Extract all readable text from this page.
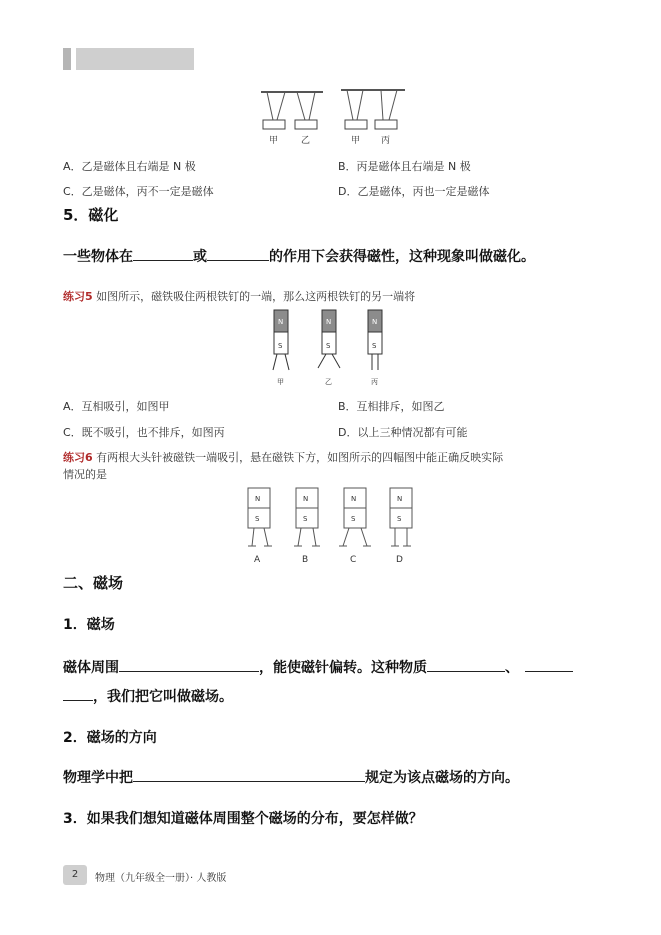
甲	乙	甲 丙
A．乙是磁体且右端是 N 极	B．丙是磁体且右端是 N 极
C．乙是磁体，丙不一定是磁体	D．乙是磁体，丙也一定是磁体
5．磁化
一些物体在	或	的作用下会获得磁性，这种现象叫做磁化。
练习5 如图所示，磁铁吸住两根铁钉的一端，那么这两根铁钉的另一端将
N
S
甲
N
S
乙
N
S
丙
A．互相吸引，如图甲	B．互相排斥，如图乙
C．既不吸引，也不排斥，如图丙	D．以上三种情况都有可能
练习6 有两根大头针被磁铁一端吸引，悬在磁铁下方，如图所示的四幅图中能正确反映实际
情况的是
N
S
A
N
S
B
N
S
C
N
S
D
二、磁场
1．磁场
磁体周围	，能使磁针偏转。这种物质	、
，我们把它叫做磁场。
2．磁场的方向
物理学中把	规定为该点磁场的方向。
3．如果我们想知道磁体周围整个磁场的分布，要怎样做？
2	物理（九年级全一册）· 人教版
